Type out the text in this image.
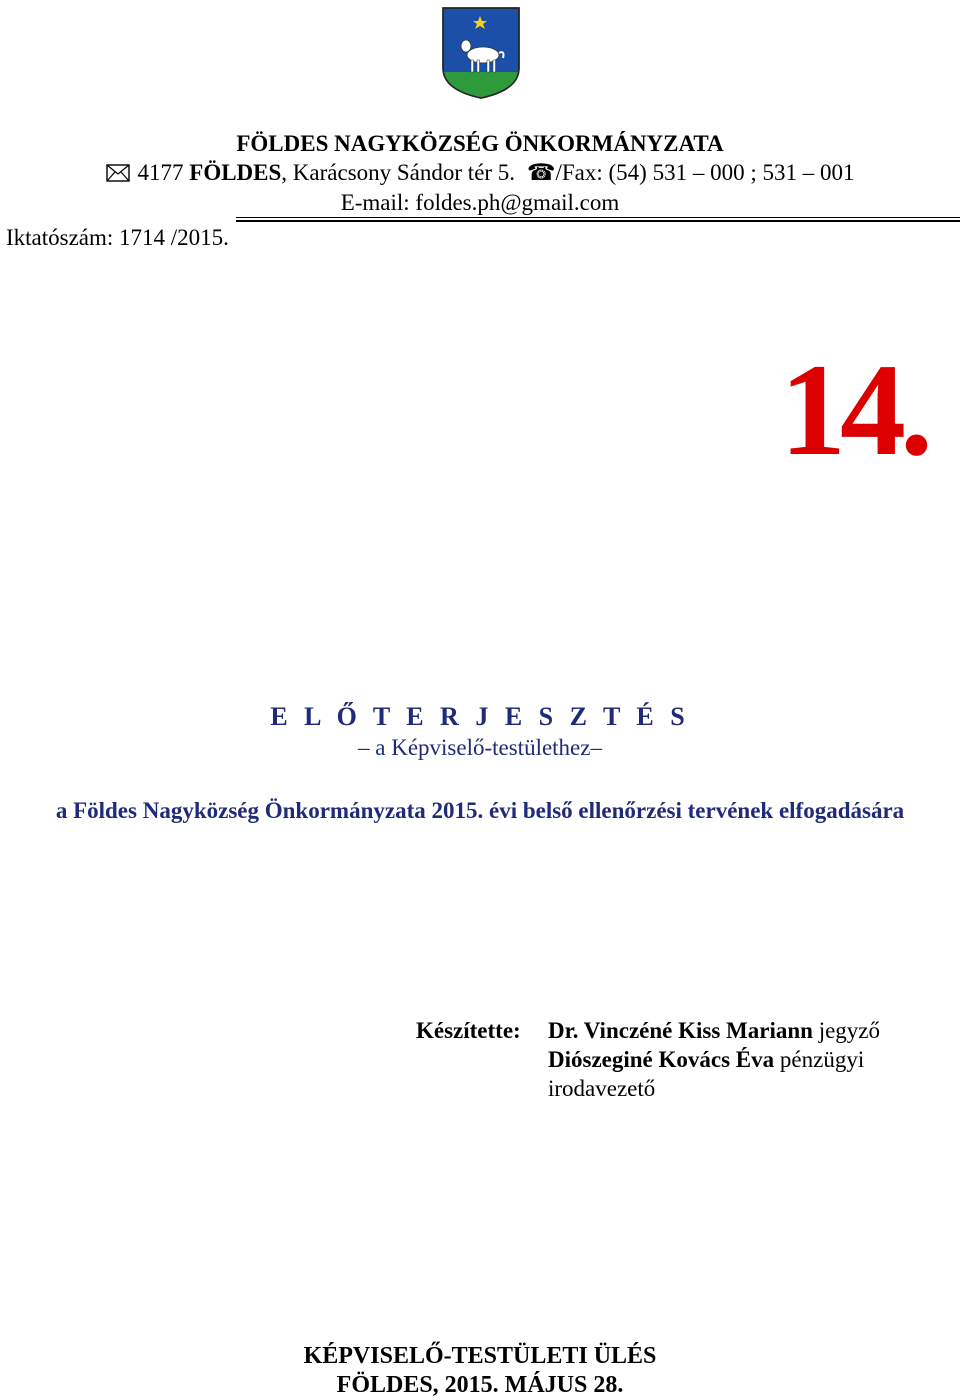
FÖLDES NAGYKÖZSÉG ÖNKORMÁNYZATA
4177 FÖLDES, Karácsony Sándor tér 5. ☎/Fax: (54) 531 – 000 ; 531 – 001
E-mail: foldes.ph@gmail.com
Iktatószám: 1714 /2015.
14.
E L Ő T E R J E S Z T É S
– a Képviselő-testülethez–
a Földes Nagyközség Önkormányzata 2015. évi belső ellenőrzési tervének elfogadására
Készítette: Dr. Vinczéné Kiss Mariann jegyző
Diószeginé Kovács Éva pénzügyi irodavezető
KÉPVISELŐ-TESTÜLETI ÜLÉS
FÖLDES, 2015. MÁJUS 28.
